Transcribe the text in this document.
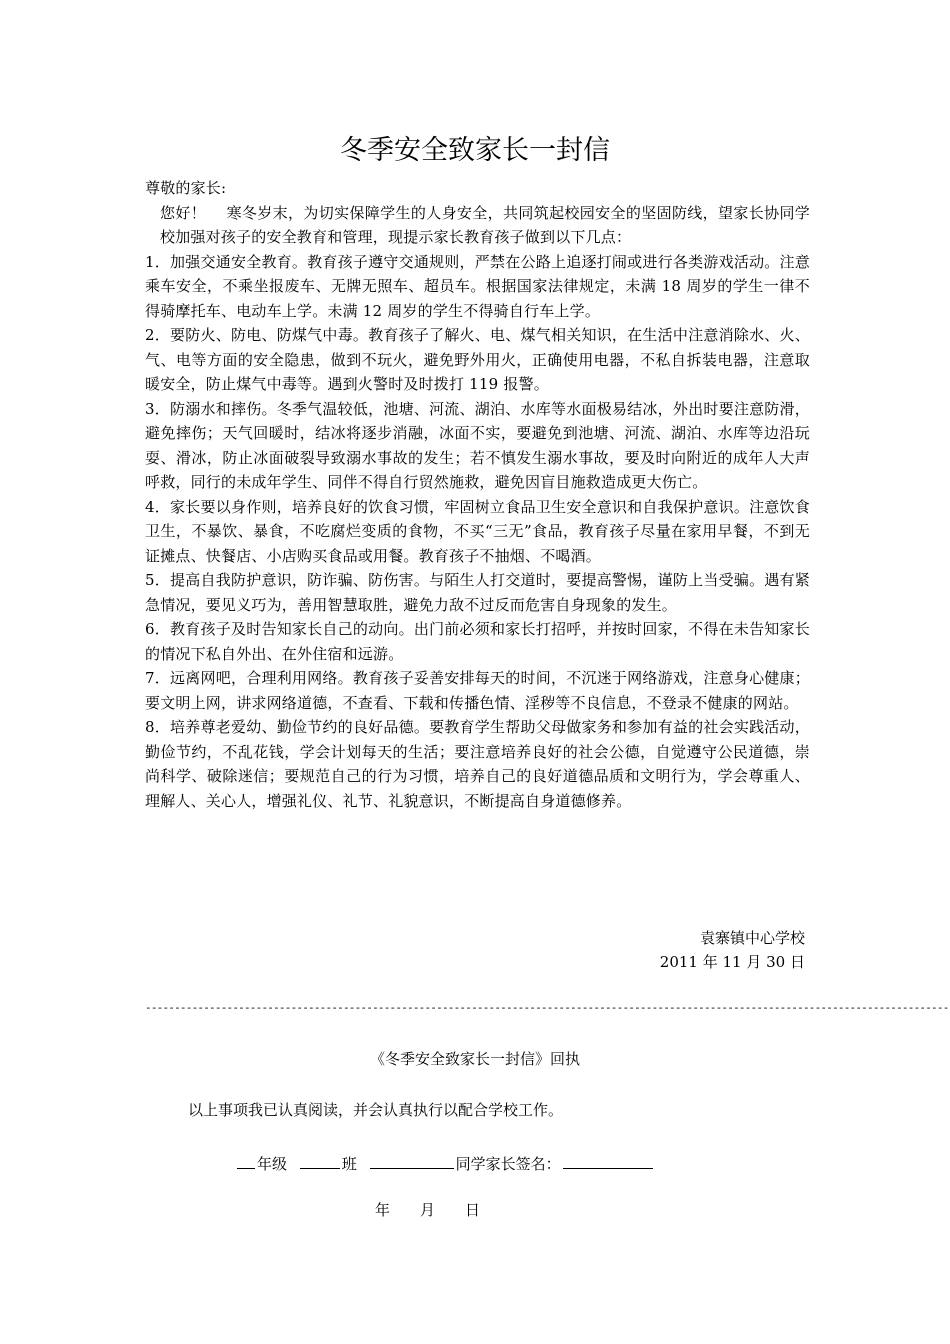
冬季安全致家长一封信

尊敬的家长:

您好！    寒冬岁末，为切实保障学生的人身安全，共同筑起校园安全的坚固防线，望家长协同学校加强对孩子的安全教育和管理，现提示家长教育孩子做到以下几点：

1．加强交通安全教育。教育孩子遵守交通规则，严禁在公路上追逐打闹或进行各类游戏活动。注意乘车安全，不乘坐报废车、无牌无照车、超员车。根据国家法律规定，未满 18 周岁的学生一律不得骑摩托车、电动车上学。未满 12 周岁的学生不得骑自行车上学。

2．要防火、防电、防煤气中毒。教育孩子了解火、电、煤气相关知识，在生活中注意消除水、火、气、电等方面的安全隐患，做到不玩火，避免野外用火，正确使用电器，不私自拆装电器，注意取暖安全，防止煤气中毒等。遇到火警时及时拨打 119 报警。

3．防溺水和摔伤。冬季气温较低，池塘、河流、湖泊、水库等水面极易结冰，外出时要注意防滑，避免摔伤；天气回暖时，结冰将逐步消融，冰面不实，要避免到池塘、河流、湖泊、水库等边沿玩耍、滑冰，防止冰面破裂导致溺水事故的发生；若不慎发生溺水事故，要及时向附近的成年人大声呼救，同行的未成年学生、同伴不得自行贸然施救，避免因盲目施救造成更大伤亡。

4．家长要以身作则，培养良好的饮食习惯，牢固树立食品卫生安全意识和自我保护意识。注意饮食卫生，不暴饮、暴食，不吃腐烂变质的食物，不买“三无”食品，教育孩子尽量在家用早餐，不到无证摊点、快餐店、小店购买食品或用餐。教育孩子不抽烟、不喝酒。

5．提高自我防护意识，防诈骗、防伤害。与陌生人打交道时，要提高警惕，谨防上当受骗。遇有紧急情况，要见义巧为，善用智慧取胜，避免力敌不过反而危害自身现象的发生。

6．教育孩子及时告知家长自己的动向。出门前必须和家长打招呼，并按时回家，不得在未告知家长的情况下私自外出、在外住宿和远游。

7．远离网吧，合理利用网络。教育孩子妥善安排每天的时间，不沉迷于网络游戏，注意身心健康；要文明上网，讲求网络道德，不查看、下载和传播色情、淫秽等不良信息，不登录不健康的网站。

8．培养尊老爱幼、勤俭节约的良好品德。要教育学生帮助父母做家务和参加有益的社会实践活动，勤俭节约，不乱花钱，学会计划每天的生活；要注意培养良好的社会公德，自觉遵守公民道德，崇尚科学、破除迷信；要规范自己的行为习惯，培养自己的良好道德品质和文明行为，学会尊重人、理解人、关心人，增强礼仪、礼节、礼貌意识，不断提高自身道德修养。

袁寨镇中心学校
2011 年 11 月 30 日
------------------------------------------------------------------------------------------------------------------------------------------
《冬季安全致家长一封信》回执
以上事项我已认真阅读，并会认真执行以配合学校工作。
年级	班	同学家长签名：
年 月 日
